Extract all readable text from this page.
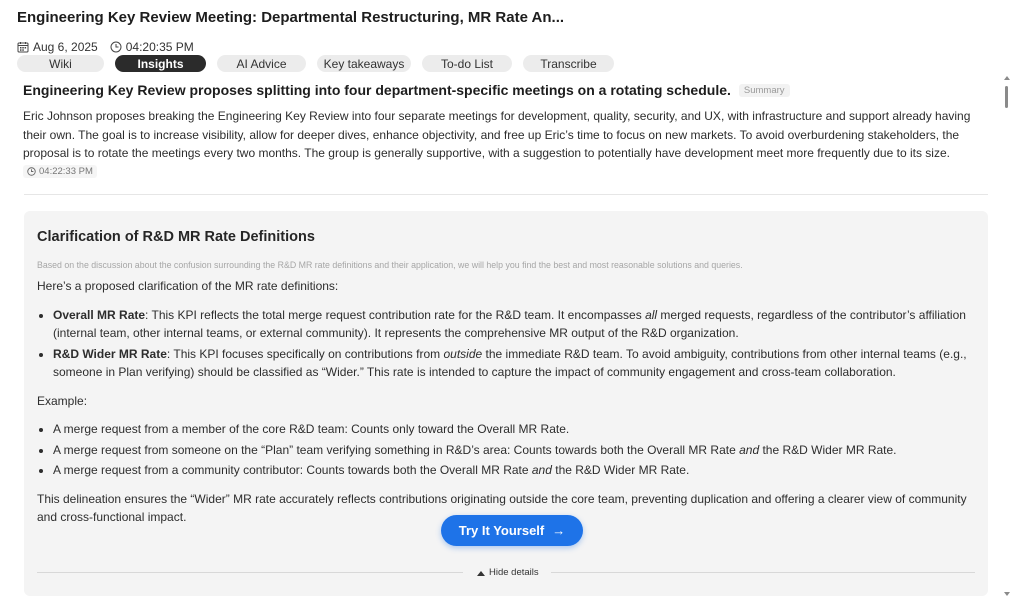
Engineering Key Review Meeting: Departmental Restructuring, MR Rate An...
Aug 6, 2025 04:20:35 PM
Wiki	Insights	AI Advice	Key takeaways	To-do List	Transcribe
Engineering Key Review proposes splitting into four department-specific meetings on a rotating schedule.	Summary
Eric Johnson proposes breaking the Engineering Key Review into four separate meetings for development, quality, security, and UX, with infrastructure and support already having their own. The goal is to increase visibility, allow for deeper dives, enhance objectivity, and free up Eric’s time to focus on new markets. To avoid overburdening stakeholders, the proposal is to rotate the meetings every two months. The group is generally supportive, with a suggestion to potentially have development meet more frequently due to its size.
04:22:33 PM
Clarification of R&D MR Rate Definitions
Based on the discussion about the confusion surrounding the R&D MR rate definitions and their application, we will help you find the best and most reasonable solutions and queries.

Here’s a proposed clarification of the MR rate definitions:

• Overall MR Rate: This KPI reflects the total merge request contribution rate for the R&D team. It encompasses all merged requests, regardless of the contributor’s affiliation (internal team, other internal teams, or external community). It represents the comprehensive MR output of the R&D organization.
• R&D Wider MR Rate: This KPI focuses specifically on contributions from outside the immediate R&D team. To avoid ambiguity, contributions from other internal teams (e.g., someone in Plan verifying) should be classified as “Wider.” This rate is intended to capture the impact of community engagement and cross-team collaboration.

Example:

• A merge request from a member of the core R&D team: Counts only toward the Overall MR Rate.
• A merge request from someone on the “Plan” team verifying something in R&D’s area: Counts towards both the Overall MR Rate and the R&D Wider MR Rate.
• A merge request from a community contributor: Counts towards both the Overall MR Rate and the R&D Wider MR Rate.

This delineation ensures the “Wider” MR rate accurately reflects contributions originating outside the core team, preventing duplication and offering a clearer view of community and cross-functional impact.

Try It Yourself →
Hide details
